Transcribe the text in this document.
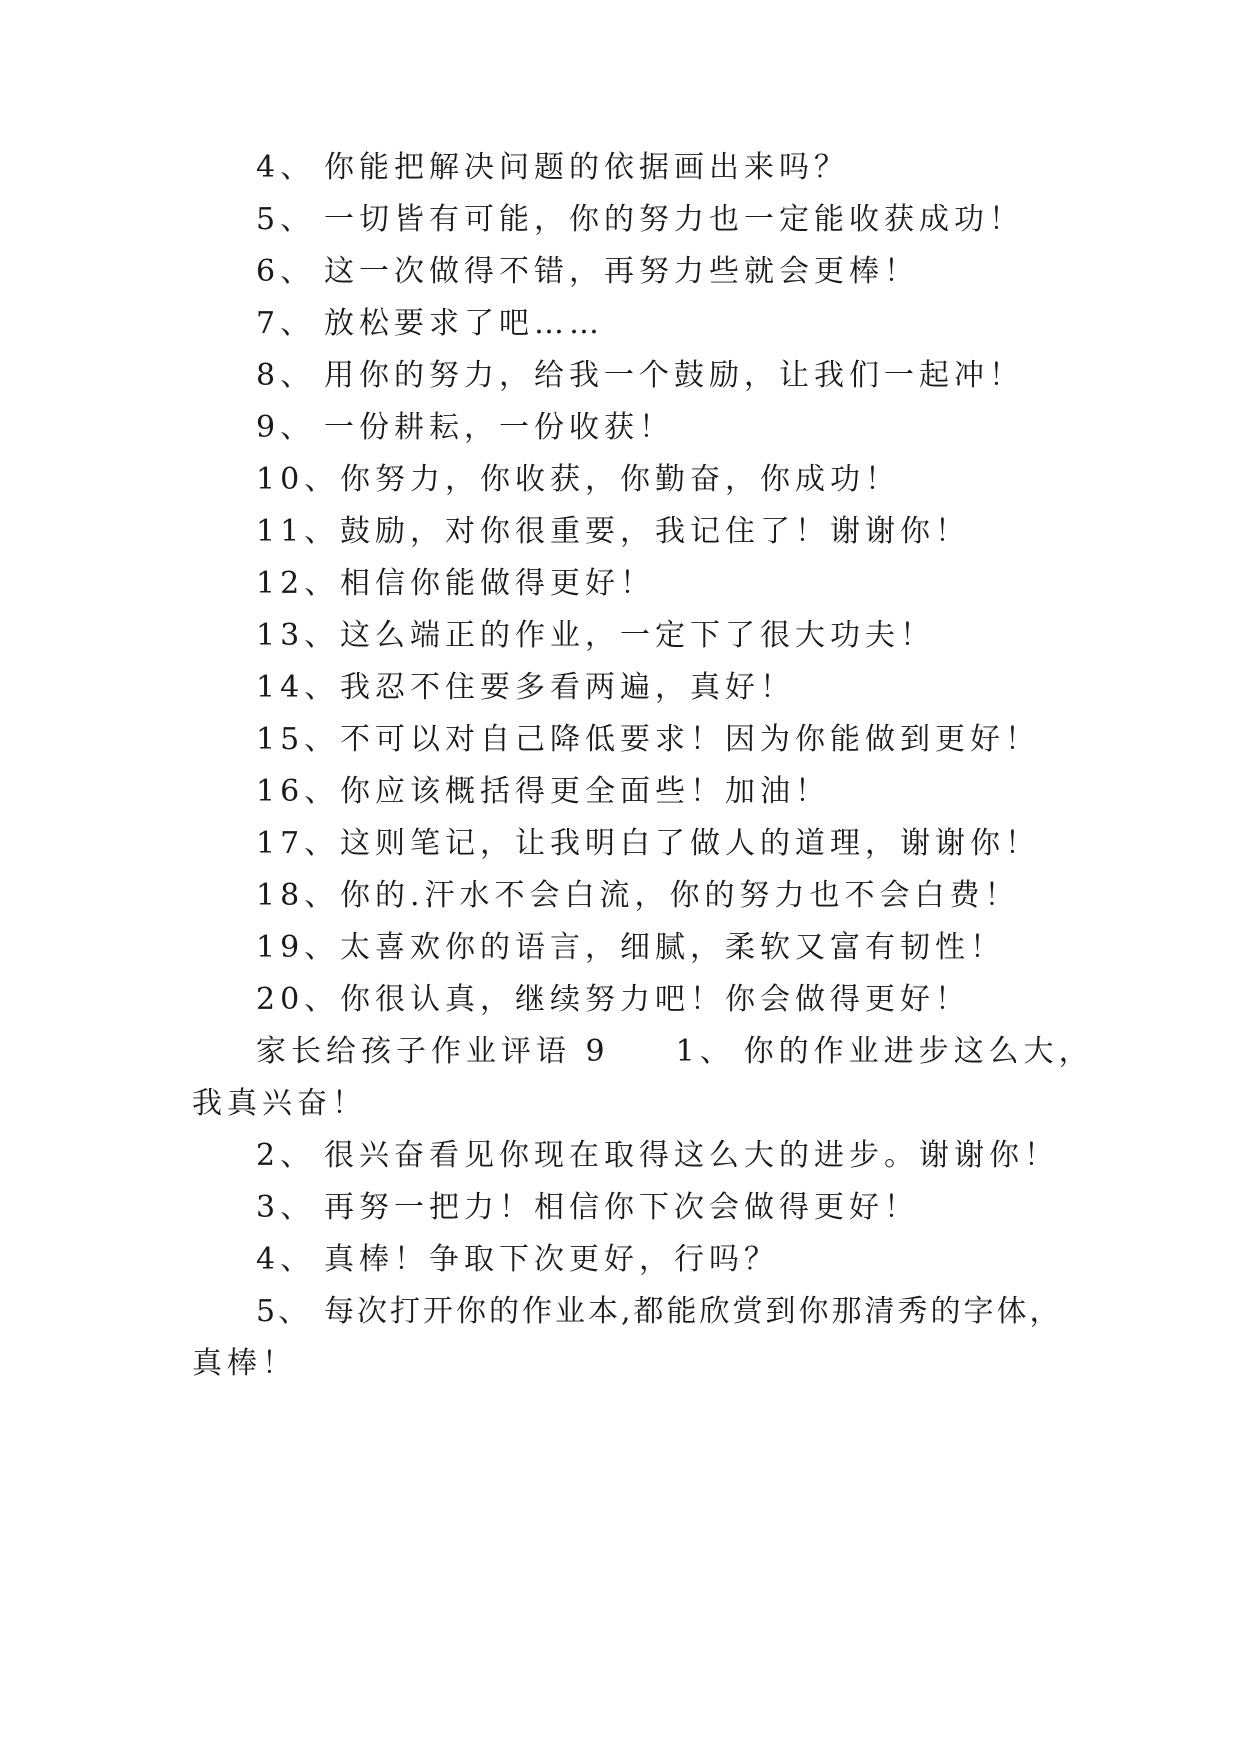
4、 你能把解决问题的依据画出来吗？
5、 一切皆有可能，你的努力也一定能收获成功！
6、 这一次做得不错，再努力些就会更棒！
7、 放松要求了吧……
8、 用你的努力，给我一个鼓励，让我们一起冲！
9、 一份耕耘，一份收获！
10、你努力，你收获，你勤奋，你成功！
11、鼓励，对你很重要，我记住了！谢谢你！
12、相信你能做得更好！
13、这么端正的作业，一定下了很大功夫！
14、我忍不住要多看两遍，真好！
15、不可以对自己降低要求！因为你能做到更好！
16、你应该概括得更全面些！加油！
17、这则笔记，让我明白了做人的道理，谢谢你！
18、你的.汗水不会白流，你的努力也不会白费！
19、太喜欢你的语言，细腻，柔软又富有韧性！
20、你很认真，继续努力吧！你会做得更好！
家长给孩子作业评语 9 1、 你的作业进步这么大，
我真兴奋！
2、 很兴奋看见你现在取得这么大的进步。谢谢你！
3、 再努一把力！相信你下次会做得更好！
4、 真棒！争取下次更好，行吗？
5、 每次打开你的作业本,都能欣赏到你那清秀的字体，
真棒！
